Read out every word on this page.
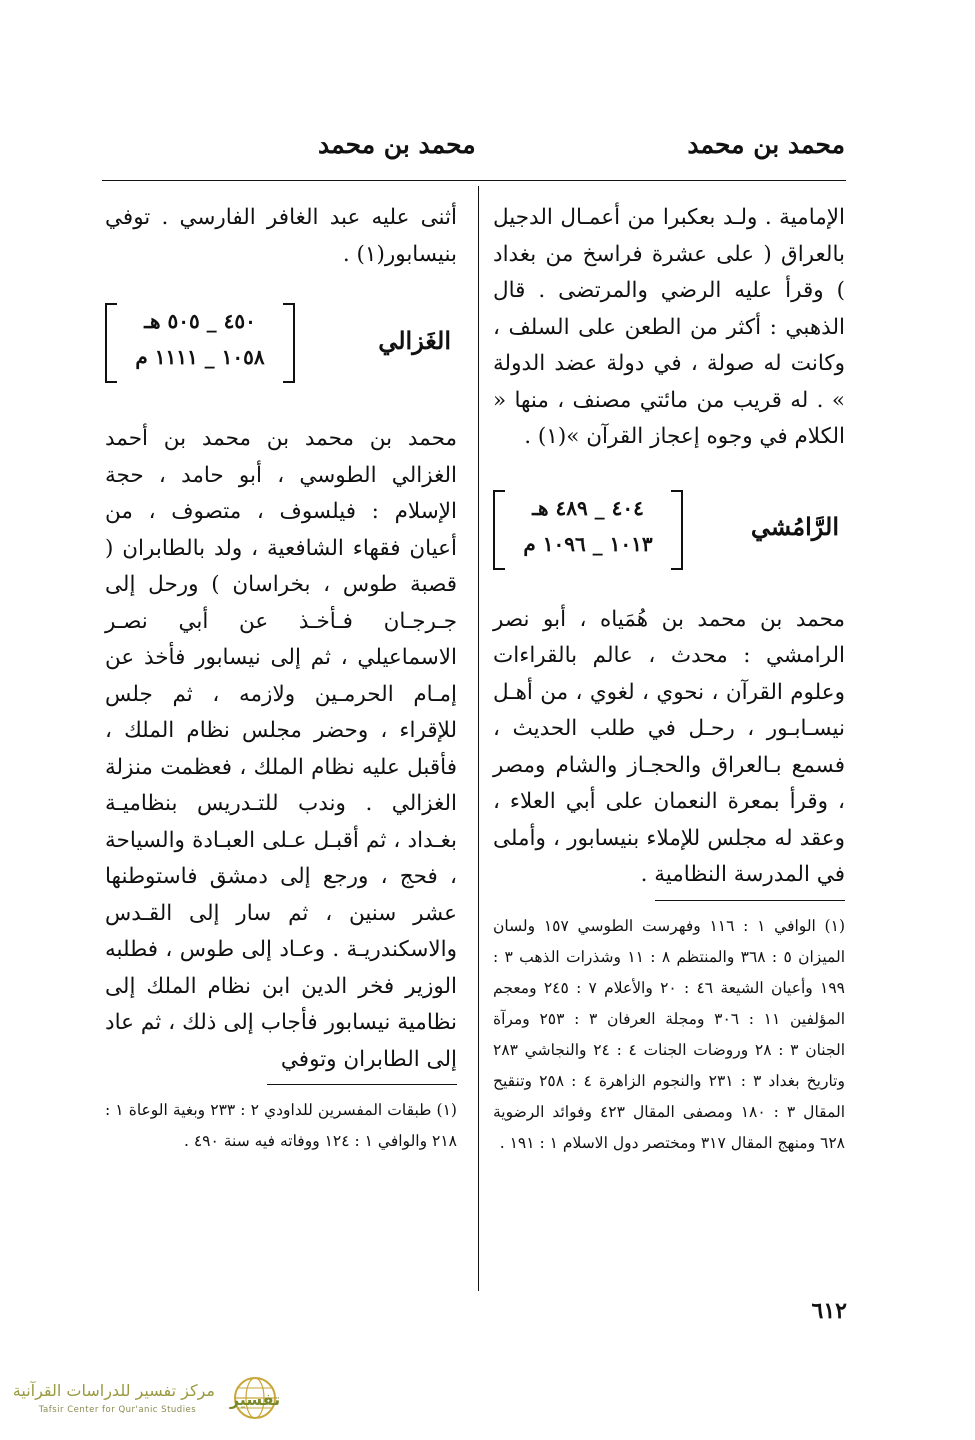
محمد بن محمد
محمد بن محمد

الإمامية . ولـد بعكبرا من أعمـال الدجيل بالعراق ( على عشرة فراسخ من بغداد ) وقرأ عليه الرضي والمرتضى . قال الذهبي : أكثر من الطعن على السلف ، وكانت له صولة ، في دولة عضد الدولة » . له قريب من مائتي مصنف ، منها « الكلام في وجوه إعجاز القرآن »(١) .

الرَّامُشي
٤٠٤ _ ٤٨٩ هـ
١٠١٣ _ ١٠٩٦ م

محمد بن محمد بن هُمَياه ، أبو نصر الرامشي : محدث ، عالم بالقراءات وعلوم القرآن ، نحوي ، لغوي ، من أهـل نيسـابـور ، رحـل في طلب الحديث ، فسمع بـالعراق والحجـاز والشام ومصر ، وقرأ بمعرة النعمان على أبي العلاء ، وعقد له مجلس للإملاء بنيسابور ، وأملى في المدرسة النظامية .

(١) الوافي ١ : ١١٦ وفهرست الطوسي ١٥٧ ولسان الميزان ٥ : ٣٦٨ والمنتظم ٨ : ١١ وشذرات الذهب ٣ : ١٩٩ وأعيان الشيعة ٤٦ : ٢٠ والأعلام ٧ : ٢٤٥ ومعجم المؤلفين ١١ : ٣٠٦ ومجلة العرفان ٣ : ٢٥٣ ومرآة الجنان ٣ : ٢٨ وروضات الجنات ٤ : ٢٤ والنجاشي ٢٨٣ وتاريخ بغداد ٣ : ٢٣١ والنجوم الزاهرة ٤ : ٢٥٨ وتنقيح المقال ٣ : ١٨٠ ومصفى المقال ٤٢٣ وفوائد الرضوية ٦٢٨ ومنهج المقال ٣١٧ ومختصر دول الاسلام ١ : ١٩١ .

أثنى عليه عبد الغافر الفارسي . توفي بنيسابور(١) .

الغَزالي
٤٥٠ _ ٥٠٥ هـ
١٠٥٨ _ ١١١١ م

محمد بن محمد بن محمد بن أحمد الغزالي الطوسي ، أبو حامد ، حجة الإسلام : فيلسوف ، متصوف ، من أعيان فقهاء الشافعية ، ولد بالطابران ( قصبة طوس ، بخراسان ) ورحل إلى جـرجـان فـأخـذ عن أبي نصـر الاسماعيلي ، ثم إلى نيسابور فأخذ عن إمـام الحرمـين ولازمه ، ثم جلس للإقراء ، وحضر مجلس نظام الملك ، فأقبل عليه نظام الملك ، فعظمت منزلة الغزالي . وندب للتـدريس بنظاميـة بغـداد ، ثم أقبـل عـلى العبـادة والسياحة ، فحج ، ورجع إلى دمشق فاستوطنها عشر سنين ، ثم سار إلى القـدس والاسكندريـة . وعـاد إلى طوس ، فطلبه الوزير فخر الدين ابن نظام الملك إلى نظامية نيسابور فأجاب إلى ذلك ، ثم عاد إلى الطابران وتوفي

(١) طبقات المفسرين للداودي ٢ : ٢٣٣ وبغية الوعاة ١ : ٢١٨ والوافي ١ : ١٢٤ ووفاته فيه سنة ٤٩٠ .

٦١٢
مركز تفسير للدراسات القرآنية
Tafsir Center for Qur'anic Studies
تفسير
